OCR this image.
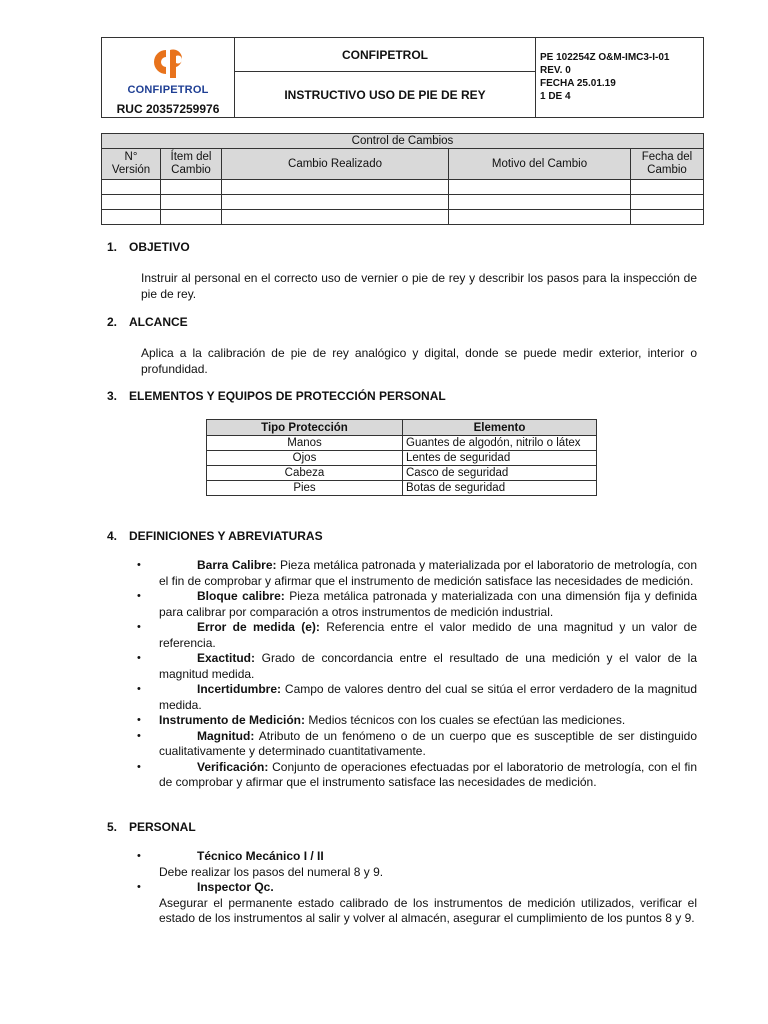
CONFIPETROL
RUC 20357259976
CONFIPETROL
INSTRUCTIVO USO DE PIE DE REY
PE 102254Z O&M-IMC3-I-01
REV. 0
FECHA 25.01.19
1 DE 4
Control de Cambios				
N° Versión	Ítem del Cambio	Cambio Realizado	Motivo del Cambio	Fecha del Cambio

1. OBJETIVO
Instruir al personal en el correcto uso de vernier o pie de rey y describir los pasos para la inspección de pie de rey.
2. ALCANCE
Aplica a la calibración de pie de rey analógico y digital, donde se puede medir exterior, interior o profundidad.
3. ELEMENTOS Y EQUIPOS DE PROTECCIÓN PERSONAL
Tipo Protección	Elemento
Manos	Guantes de algodón, nitrilo o látex
Ojos	Lentes de seguridad
Cabeza	Casco de seguridad
Pies	Botas de seguridad
4. DEFINICIONES Y ABREVIATURAS
•	Barra Calibre: Pieza metálica patronada y materializada por el laboratorio de metrología, con el fin de comprobar y afirmar que el instrumento de medición satisface las necesidades de medición.

•	Bloque calibre: Pieza metálica patronada y materializada con una dimensión fija y definida para calibrar por comparación a otros instrumentos de medición industrial.

•	Error de medida (e): Referencia entre el valor medido de una magnitud y un valor de referencia.

•	Exactitud: Grado de concordancia entre el resultado de una medición y el valor de la magnitud medida.

•	Incertidumbre: Campo de valores dentro del cual se sitúa el error verdadero de la magnitud medida.

• Instrumento de Medición: Medios técnicos con los cuales se efectúan las mediciones.

•	Magnitud: Atributo de un fenómeno o de un cuerpo que es susceptible de ser distinguido cualitativamente y determinado cuantitativamente.

•	Verificación: Conjunto de operaciones efectuadas por el laboratorio de metrología, con el fin de comprobar y afirmar que el instrumento satisface las necesidades de medición.

5. PERSONAL
•	Técnico Mecánico I / II

Debe realizar los pasos del numeral 8 y 9.

•	Inspector Qc.

Asegurar el permanente estado calibrado de los instrumentos de medición utilizados, verificar el estado de los instrumentos al salir y volver al almacén, asegurar el cumplimiento de los puntos 8 y 9.
